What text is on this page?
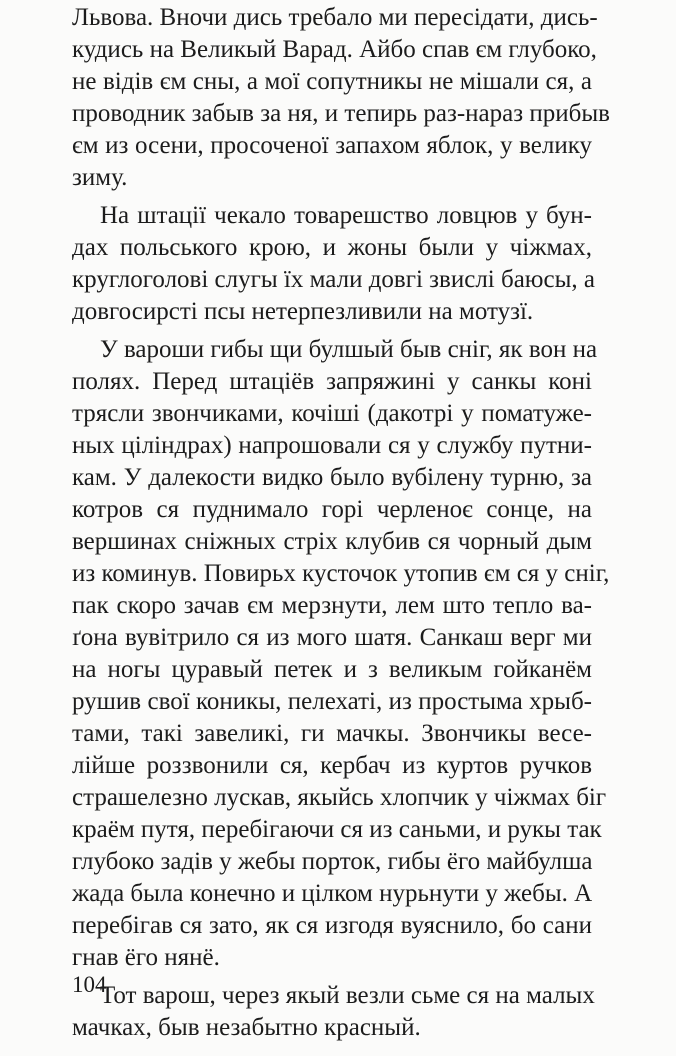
Львова. Вночи дись требало ми пересідати, дись-
кудись на Великый Варад. Айбо спав єм глубоко,
не відів єм сны, а мої сопутникы не мішали ся, а
проводник забыв за ня, и тепирь раз-нараз прибыв
єм из осени, просоченої запахом яблок, у велику
зиму.
На штації чекало товарешство ловцюв у бун-
дах польського крою, и жоны были у чіжмах,
круглоголові слугы їх мали довгі звислі баюсы, а
довгосирсті псы нетерпезливили на мотузї.
У вароши гибы щи булшый быв сніг, як вон на
полях. Перед штаціёв запряжині у санкы коні
трясли звончиками, кочіші (дакотрі у поматуже-
ных ціліндрах) напрошовали ся у службу путни-
кам. У далекости видко было вубілену турню, за
котров ся пуднимало горі черленоє сонце, на
вершинах сніжных стріх клубив ся чорный дым
из коминув. Повирьх кусточок утопив єм ся у сніг,
пак скоро зачав єм мерзнути, лем што тепло ва-
ґона вувітрило ся из мого шатя. Санкаш верг ми
на ногы цуравый петек и з великым гойканём
рушив свої коникы, пелехаті, из простыма хрыб-
тами, такі завеликі, ги мачкы. Звончикы весе-
лійше роззвонили ся, кербач из куртов ручков
страшелезно лускав, якыйсь хлопчик у чіжмах біг
краём путя, перебігаючи ся из саньми, и рукы так
глубоко задів у жебы порток, гибы ёго майбулша
жада была конечно и цілком нурьнути у жебы. А
перебігав ся зато, як ся изгодя вуяснило, бо сани
гнав ёго нянё.
Тот варош, через якый везли сьме ся на малых
мачках, быв незабытно красный.
104
